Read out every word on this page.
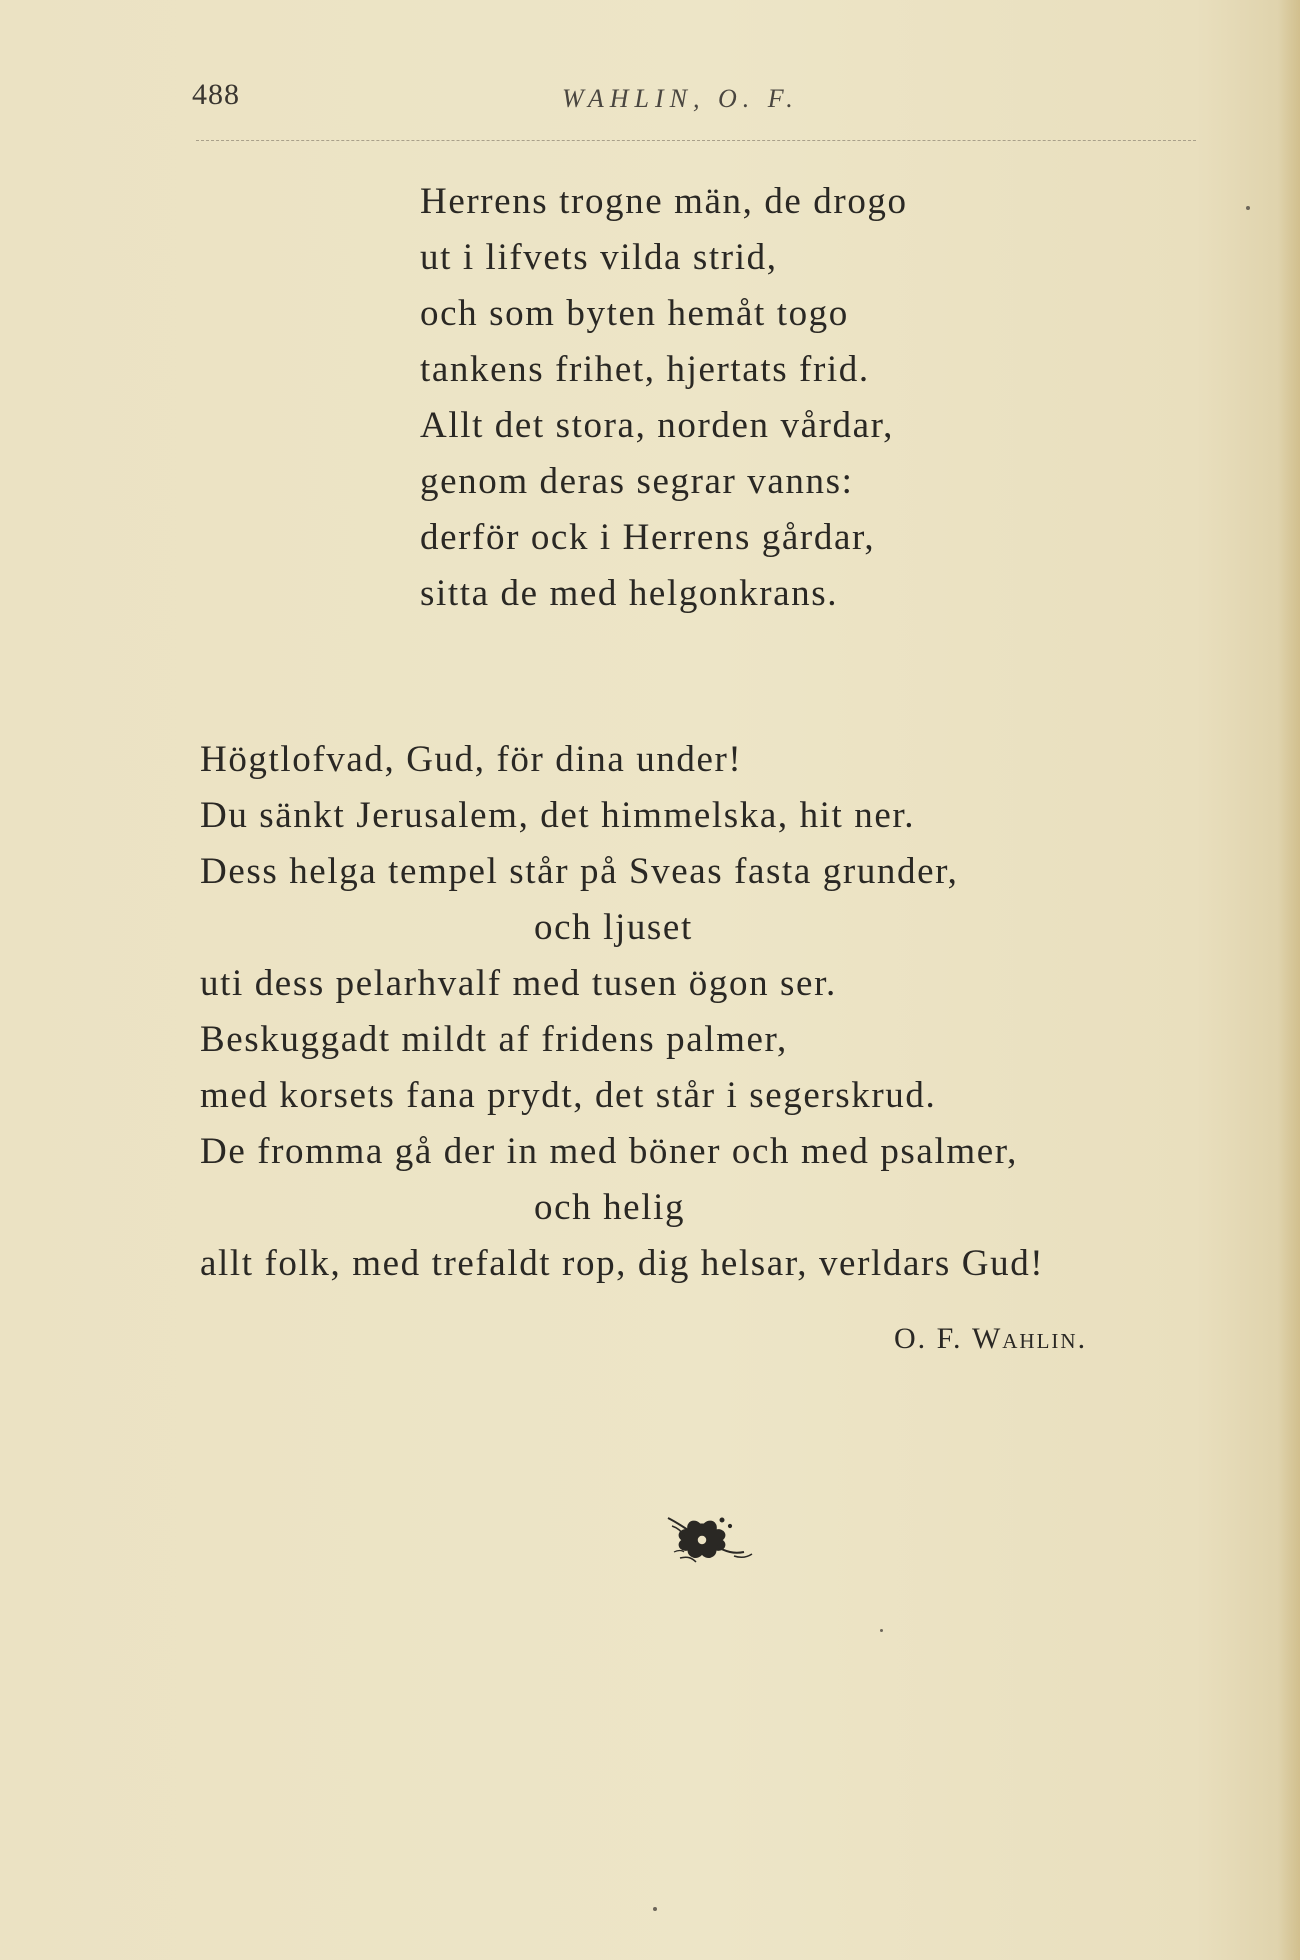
488	WAHLIN, O. F.
Herrens trogne män, de drogo
ut i lifvets vilda strid,
och som byten hemåt togo
tankens frihet, hjertats frid.
Allt det stora, norden vårdar,
genom deras segrar vanns:
derför ock i Herrens gårdar,
sitta de med helgonkrans.
Högtlofvad, Gud, för dina under!
Du sänkt Jerusalem, det himmelska, hit ner.
Dess helga tempel står på Sveas fasta grunder,
och ljuset
uti dess pelarhvalf med tusen ögon ser.
Beskuggadt mildt af fridens palmer,
med korsets fana prydt, det står i segerskrud.
De fromma gå der in med böner och med psalmer,
och helig
allt folk, med trefaldt rop, dig helsar, verldars Gud!
O. F. Wahlin.
